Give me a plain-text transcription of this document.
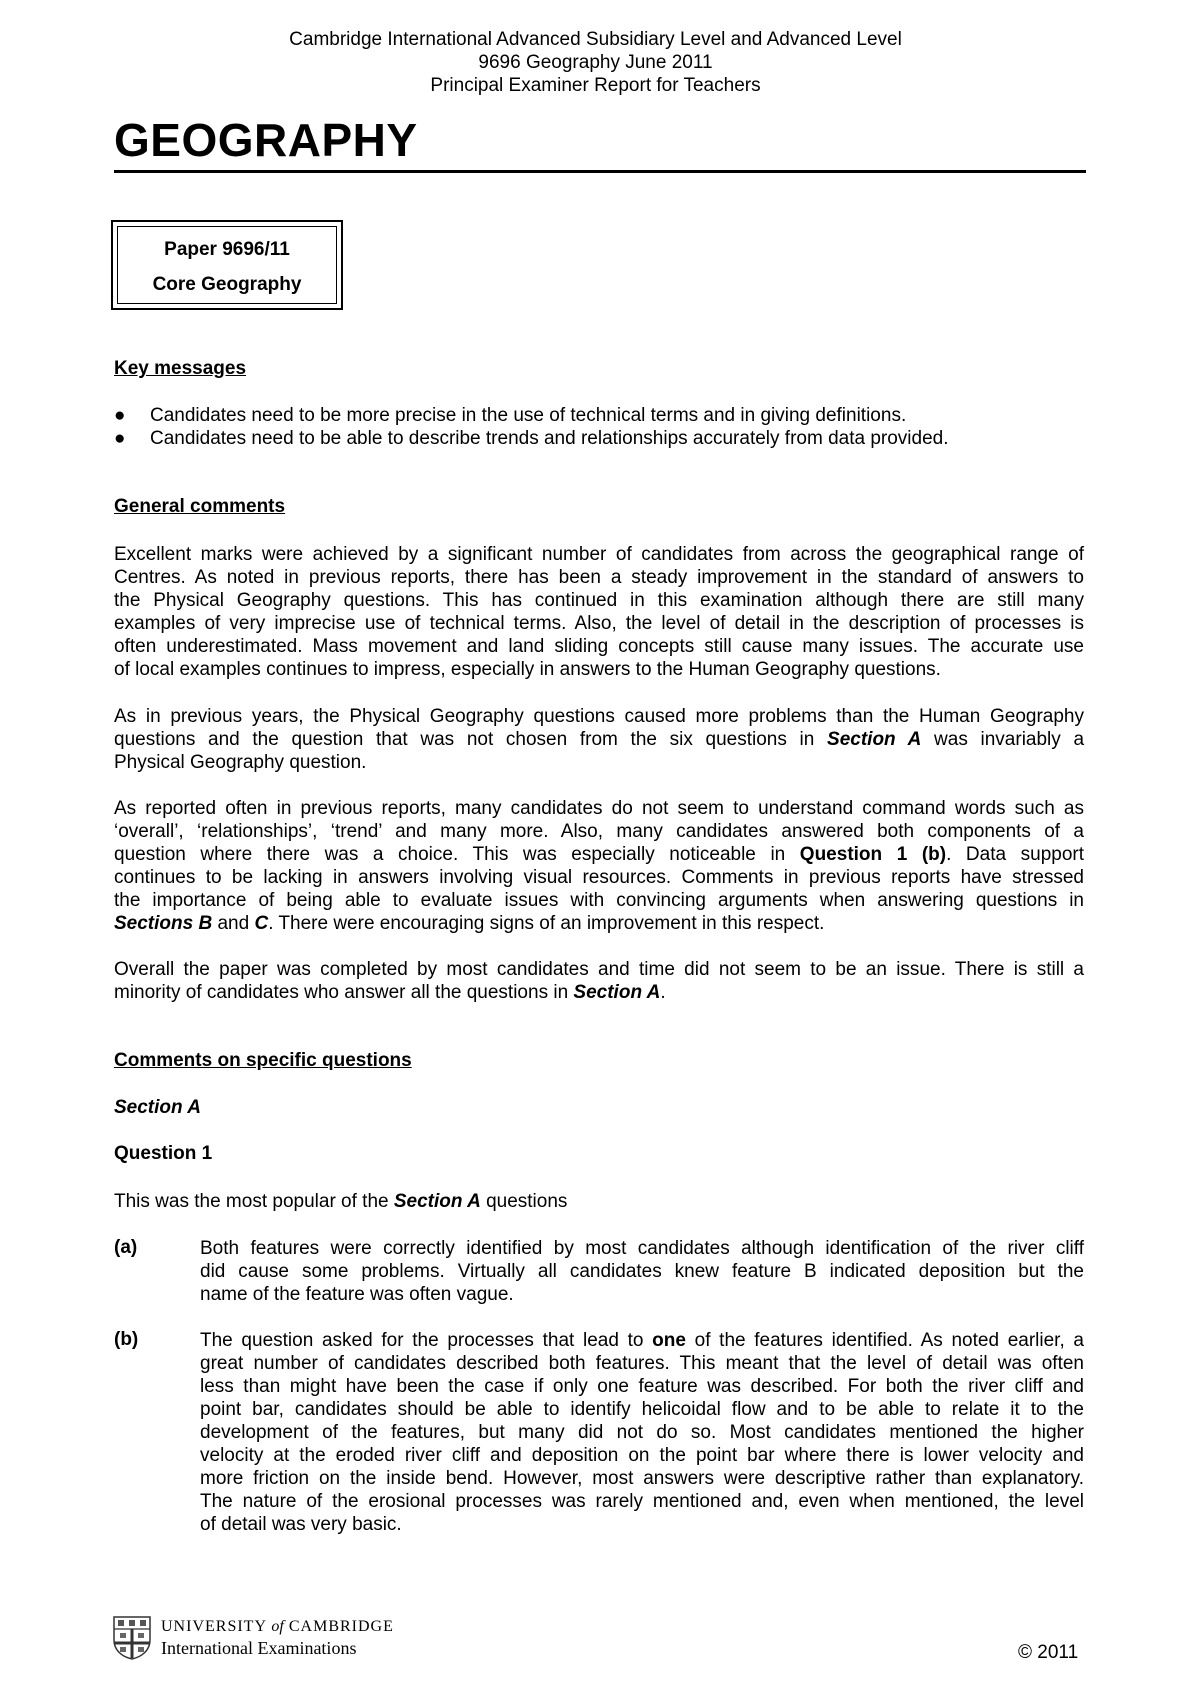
Cambridge International Advanced Subsidiary Level and Advanced Level
9696 Geography June 2011
Principal Examiner Report for Teachers
GEOGRAPHY
Paper 9696/11
Core Geography
Key messages
● Candidates need to be more precise in the use of technical terms and in giving definitions.
● Candidates need to be able to describe trends and relationships accurately from data provided.
General comments
Excellent marks were achieved by a significant number of candidates from across the geographical range of
Centres. As noted in previous reports, there has been a steady improvement in the standard of answers to
the Physical Geography questions. This has continued in this examination although there are still many
examples of very imprecise use of technical terms. Also, the level of detail in the description of processes is
often underestimated. Mass movement and land sliding concepts still cause many issues. The accurate use
of local examples continues to impress, especially in answers to the Human Geography questions.
As in previous years, the Physical Geography questions caused more problems than the Human Geography
questions and the question that was not chosen from the six questions in Section A was invariably a
Physical Geography question.
As reported often in previous reports, many candidates do not seem to understand command words such as
‘overall’, ‘relationships’, ‘trend’ and many more. Also, many candidates answered both components of a
question where there was a choice. This was especially noticeable in Question 1 (b). Data support
continues to be lacking in answers involving visual resources. Comments in previous reports have stressed
the importance of being able to evaluate issues with convincing arguments when answering questions in
Sections B and C. There were encouraging signs of an improvement in this respect.
Overall the paper was completed by most candidates and time did not seem to be an issue. There is still a
minority of candidates who answer all the questions in Section A.
Comments on specific questions
Section A
Question 1
This was the most popular of the Section A questions
(a)	Both features were correctly identified by most candidates although identification of the river cliff
did cause some problems. Virtually all candidates knew feature B indicated deposition but the
name of the feature was often vague.
(b)	The question asked for the processes that lead to one of the features identified. As noted earlier, a
great number of candidates described both features. This meant that the level of detail was often
less than might have been the case if only one feature was described. For both the river cliff and
point bar, candidates should be able to identify helicoidal flow and to be able to relate it to the
development of the features, but many did not do so. Most candidates mentioned the higher
velocity at the eroded river cliff and deposition on the point bar where there is lower velocity and
more friction on the inside bend. However, most answers were descriptive rather than explanatory.
The nature of the erosional processes was rarely mentioned and, even when mentioned, the level
of detail was very basic.
UNIVERSITY of CAMBRIDGE
International Examinations	© 2011
